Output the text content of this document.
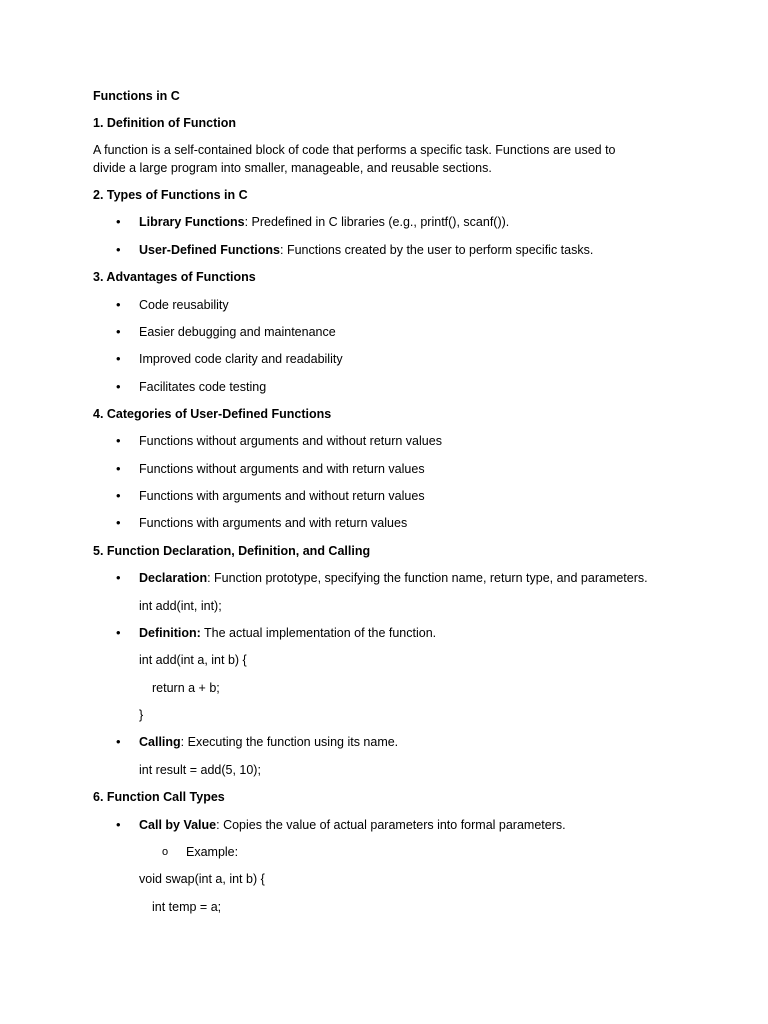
Functions in C
1. Definition of Function
A function is a self-contained block of code that performs a specific task. Functions are used to
divide a large program into smaller, manageable, and reusable sections.
2. Types of Functions in C
• Library Functions: Predefined in C libraries (e.g., printf(), scanf()).
• User-Defined Functions: Functions created by the user to perform specific tasks.
3. Advantages of Functions
• Code reusability
• Easier debugging and maintenance
• Improved code clarity and readability
• Facilitates code testing
4. Categories of User-Defined Functions
• Functions without arguments and without return values
• Functions without arguments and with return values
• Functions with arguments and without return values
• Functions with arguments and with return values
5. Function Declaration, Definition, and Calling
• Declaration: Function prototype, specifying the function name, return type, and parameters.
int add(int, int);
• Definition: The actual implementation of the function.
int add(int a, int b) {
return a + b;
}
• Calling: Executing the function using its name.
int result = add(5, 10);
6. Function Call Types
• Call by Value: Copies the value of actual parameters into formal parameters.
o Example:
void swap(int a, int b) {
int temp = a;
